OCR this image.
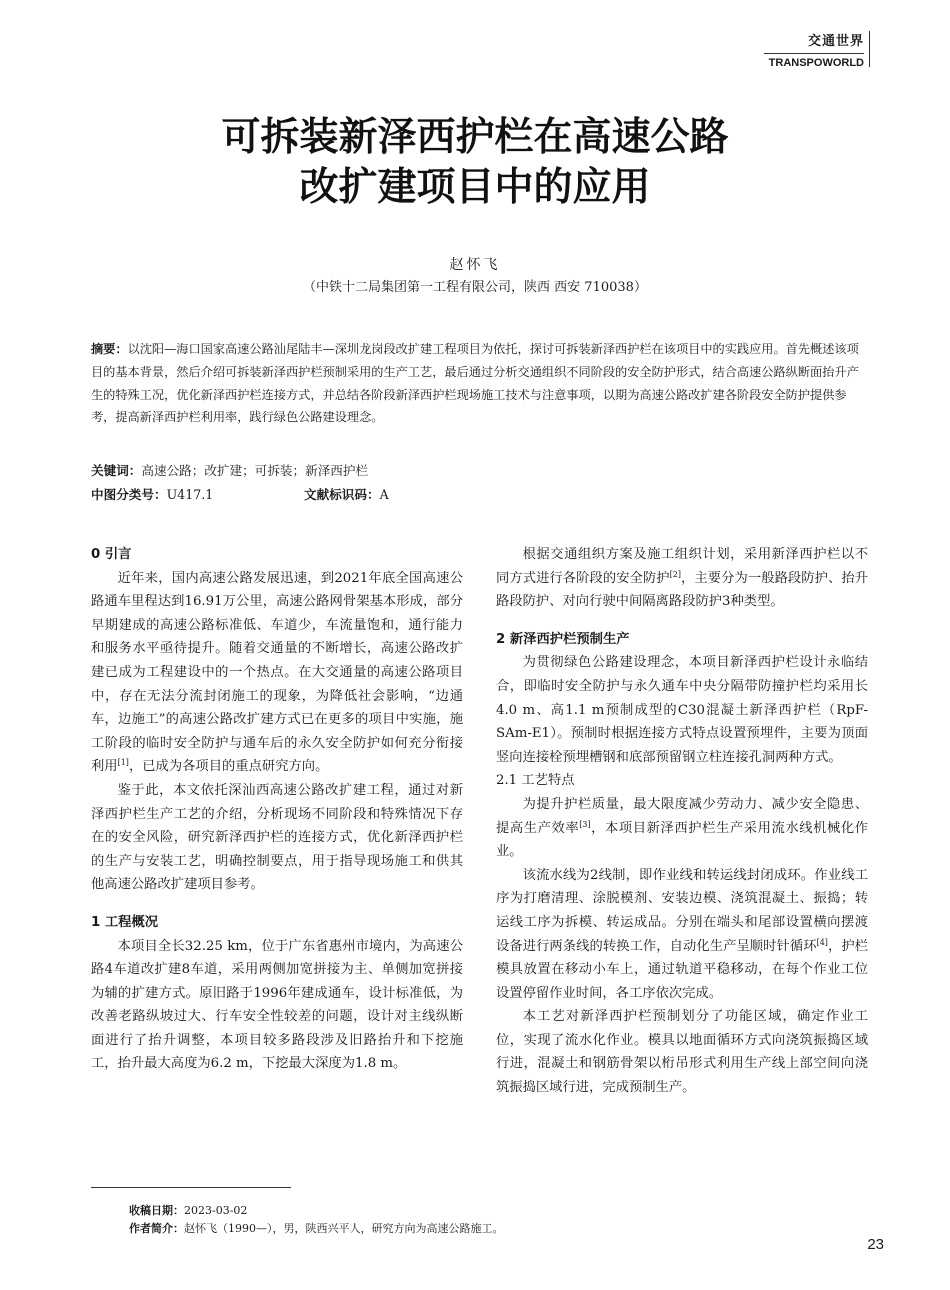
交通世界
TRANSPOWORLD
可拆装新泽西护栏在高速公路
改扩建项目中的应用
赵怀飞
（中铁十二局集团第一工程有限公司，陕西 西安 710038）
摘要：以沈阳—海口国家高速公路汕尾陆丰—深圳龙岗段改扩建工程项目为依托，探讨可拆装新泽西护栏在该项目中的实践应用。首先概述该项目的基本背景，然后介绍可拆装新泽西护栏预制采用的生产工艺，最后通过分析交通组织不同阶段的安全防护形式，结合高速公路纵断面抬升产生的特殊工况，优化新泽西护栏连接方式，并总结各阶段新泽西护栏现场施工技术与注意事项，以期为高速公路改扩建各阶段安全防护提供参考，提高新泽西护栏利用率，践行绿色公路建设理念。
关键词：高速公路；改扩建；可拆装；新泽西护栏
中图分类号：U417.1	文献标识码：A
0 引言

近年来，国内高速公路发展迅速，到2021年底全国高速公路通车里程达到16.91万公里，高速公路网骨架基本形成，部分早期建成的高速公路标准低、车道少，车流量饱和，通行能力和服务水平亟待提升。随着交通量的不断增长，高速公路改扩建已成为工程建设中的一个热点。在大交通量的高速公路项目中，存在无法分流封闭施工的现象，为降低社会影响，“边通车，边施工”的高速公路改扩建方式已在更多的项目中实施，施工阶段的临时安全防护与通车后的永久安全防护如何充分衔接利用[1]，已成为各项目的重点研究方向。

鉴于此，本文依托深汕西高速公路改扩建工程，通过对新泽西护栏生产工艺的介绍，分析现场不同阶段和特殊情况下存在的安全风险，研究新泽西护栏的连接方式，优化新泽西护栏的生产与安装工艺，明确控制要点，用于指导现场施工和供其他高速公路改扩建项目参考。

1 工程概况

本项目全长32.25 km，位于广东省惠州市境内，为高速公路4车道改扩建8车道，采用两侧加宽拼接为主、单侧加宽拼接为辅的扩建方式。原旧路于1996年建成通车，设计标准低，为改善老路纵坡过大、行车安全性较差的问题，设计对主线纵断面进行了抬升调整，本项目较多路段涉及旧路抬升和下挖施工，抬升最大高度为6.2 m，下挖最大深度为1.8 m。

根据交通组织方案及施工组织计划，采用新泽西护栏以不同方式进行各阶段的安全防护[2]，主要分为一般路段防护、抬升路段防护、对向行驶中间隔离路段防护3种类型。

2 新泽西护栏预制生产

为贯彻绿色公路建设理念，本项目新泽西护栏设计永临结合，即临时安全防护与永久通车中央分隔带防撞护栏均采用长4.0 m、高1.1 m预制成型的C30混凝土新泽西护栏（RpF-SAm-E1）。预制时根据连接方式特点设置预埋件，主要为顶面竖向连接栓预埋槽钢和底部预留钢立柱连接孔洞两种方式。

2.1 工艺特点

为提升护栏质量，最大限度减少劳动力、减少安全隐患、提高生产效率[3]，本项目新泽西护栏生产采用流水线机械化作业。

该流水线为2线制，即作业线和转运线封闭成环。作业线工序为打磨清理、涂脱模剂、安装边模、浇筑混凝土、振捣；转运线工序为拆模、转运成品。分别在端头和尾部设置横向摆渡设备进行两条线的转换工作，自动化生产呈顺时针循环[4]，护栏模具放置在移动小车上，通过轨道平稳移动，在每个作业工位设置停留作业时间，各工序依次完成。

本工艺对新泽西护栏预制划分了功能区域，确定作业工位，实现了流水化作业。模具以地面循环方式向浇筑振捣区域行进，混凝土和钢筋骨架以桁吊形式利用生产线上部空间向浇筑振捣区域行进，完成预制生产。

收稿日期：2023-03-02
作者简介：赵怀飞（1990—），男，陕西兴平人，研究方向为高速公路施工。
23
